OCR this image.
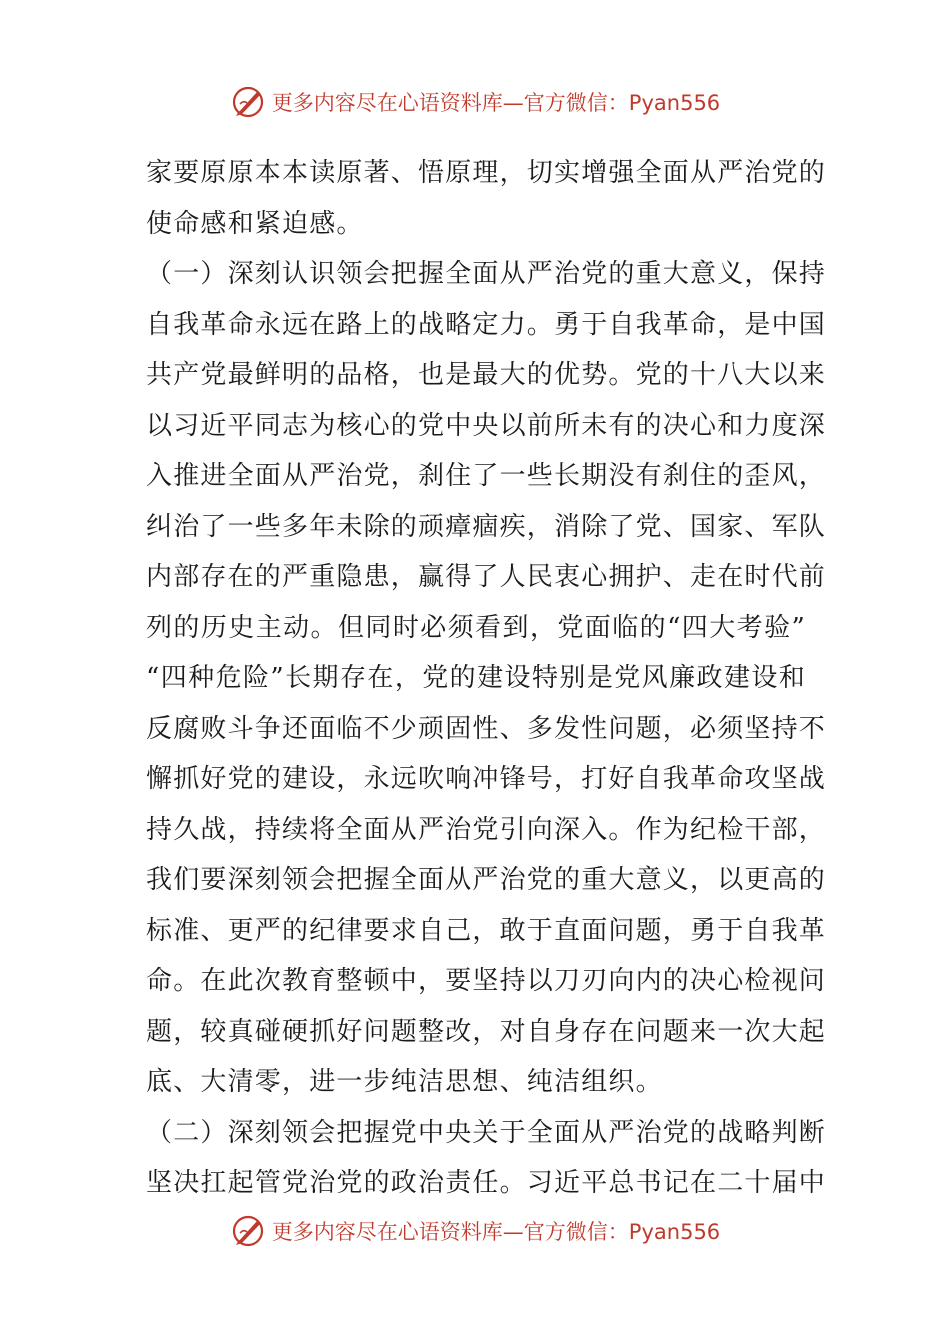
更多内容尽在心语资料库—官方微信：Pyan556
家要原原本本读原著、悟原理，切实增强全面从严治党的
使命感和紧迫感。
（一）深刻认识领会把握全面从严治党的重大意义，保持
自我革命永远在路上的战略定力。勇于自我革命，是中国
共产党最鲜明的品格，也是最大的优势。党的十八大以来
以习近平同志为核心的党中央以前所未有的决心和力度深
入推进全面从严治党，刹住了一些长期没有刹住的歪风，
纠治了一些多年未除的顽瘴痼疾，消除了党、国家、军队
内部存在的严重隐患，赢得了人民衷心拥护、走在时代前
列的历史主动。但同时必须看到，党面临的“四大考验”
“四种危险”长期存在，党的建设特别是党风廉政建设和
反腐败斗争还面临不少顽固性、多发性问题，必须坚持不
懈抓好党的建设，永远吹响冲锋号，打好自我革命攻坚战
持久战，持续将全面从严治党引向深入。作为纪检干部，
我们要深刻领会把握全面从严治党的重大意义，以更高的
标准、更严的纪律要求自己，敢于直面问题，勇于自我革
命。在此次教育整顿中，要坚持以刀刃向内的决心检视问
题，较真碰硬抓好问题整改，对自身存在问题来一次大起
底、大清零，进一步纯洁思想、纯洁组织。
（二）深刻领会把握党中央关于全面从严治党的战略判断
坚决扛起管党治党的政治责任。习近平总书记在二十届中
更多内容尽在心语资料库—官方微信：Pyan556
